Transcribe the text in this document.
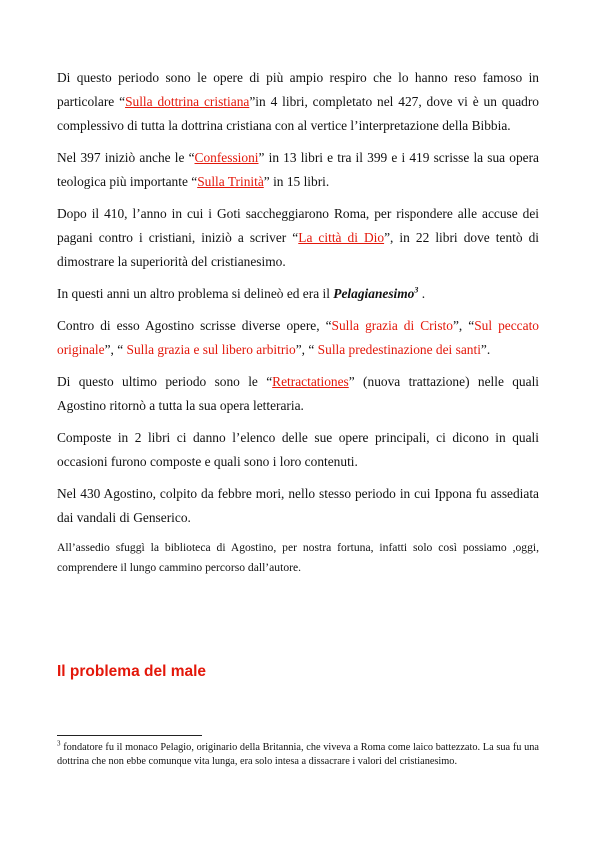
Di questo periodo sono le opere di più ampio respiro che lo hanno reso famoso in particolare “Sulla dottrina cristiana”in 4 libri, completato nel 427, dove vi è un quadro complessivo di tutta la dottrina cristiana con al vertice l’interpretazione della Bibbia.

Nel 397 iniziò anche le “Confessioni” in 13 libri e tra il 399 e i 419 scrisse la sua opera teologica più importante “Sulla Trinità” in 15 libri.

Dopo il 410, l’anno in cui i Goti saccheggiarono Roma, per rispondere alle accuse dei pagani contro i cristiani, iniziò a scriver “La città di Dio”, in 22 libri dove tentò di dimostrare la superiorità del cristianesimo.

In questi anni un altro problema si delineò ed era il Pelagianesimo$^3$ .

Contro di esso Agostino scrisse diverse opere, “Sulla grazia di Cristo”, “Sul peccato originale”, “ Sulla grazia e sul libero arbitrio”, “ Sulla predestinazione dei santi”.

Di questo ultimo periodo sono le “Retractationes” (nuova trattazione) nelle quali Agostino ritornò a tutta la sua opera letteraria.

Composte in 2 libri ci danno l’elenco delle sue opere principali, ci dicono in quali occasioni furono composte e quali sono i loro contenuti.

Nel 430 Agostino, colpito da febbre mori, nello stesso periodo in cui Ippona fu assediata dai vandali di Genserico.

All’assedio sfuggì la biblioteca di Agostino, per nostra fortuna, infatti solo così possiamo ,oggi, comprendere il lungo cammino percorso dall’autore.

Il problema del male

$^3$ fondatore fu il monaco Pelagio, originario della Britannia, che viveva a Roma come laico battezzato. La sua fu una dottrina che non ebbe comunque vita lunga, era solo intesa a dissacrare i valori del cristianesimo.
